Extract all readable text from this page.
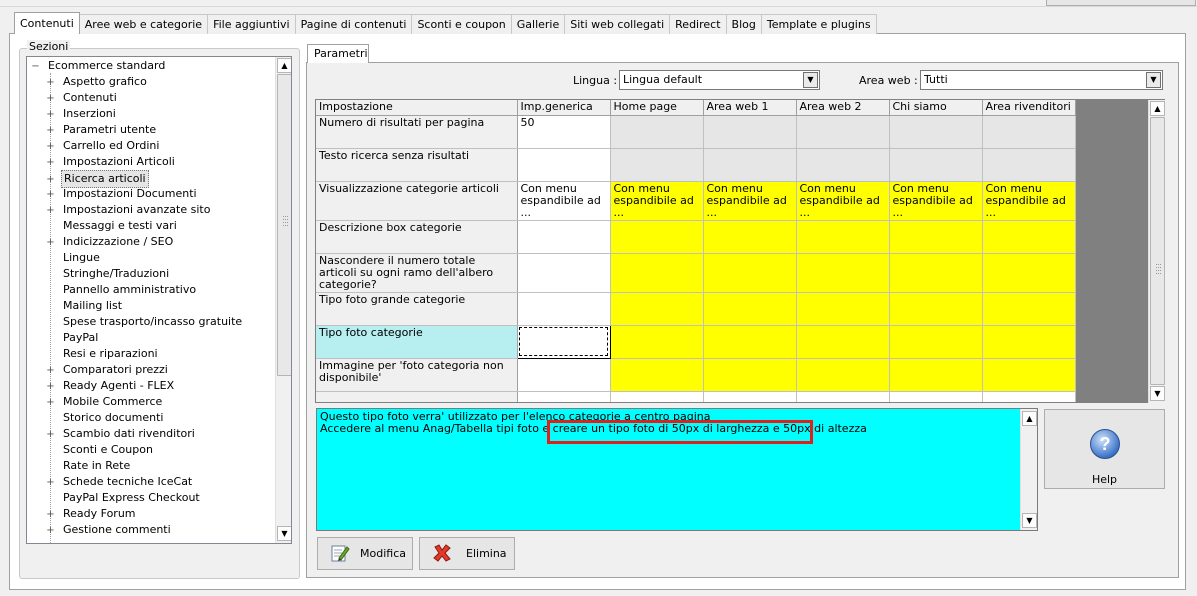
Contenuti	Aree web e categorie	File aggiuntivi	Pagine di contenuti	Sconti e coupon	Gallerie	Siti web collegati	Redirect	Blog	Template e plugins
Sezioni
− Ecommerce standard
+ Aspetto grafico
+ Contenuti
+ Inserzioni
+ Parametri utente
+ Carrello ed Ordini
+ Impostazioni Articoli
+ Ricerca articoli
+ Impostazioni Documenti
+ Impostazioni avanzate sito
Messaggi e testi vari
+ Indicizzazione / SEO
Lingue
Stringhe/Traduzioni
Pannello amministrativo
Mailing list
Spese trasporto/incasso gratuite
PayPal
Resi e riparazioni
+ Comparatori prezzi
+ Ready Agenti - FLEX
+ Mobile Commerce
Storico documenti
+ Scambio dati rivenditori
Sconti e Coupon
Rate in Rete
+ Schede tecniche IceCat
PayPal Express Checkout
+ Ready Forum
+ Gestione commenti
▲
▼
Parametri
Lingua : Lingua default	▼	Area web : Tutti	▼
Impostazione	Imp.generica	Home page	Area web 1	Area web 2	Chi siamo	Area rivenditori
Numero di risultati per pagina	50					
Testo ricerca senza risultati						
Visualizzazione categorie articoli	Con menu espandibile ad ...	Con menu espandibile ad ...	Con menu espandibile ad ...	Con menu espandibile ad ...	Con menu espandibile ad ...	Con menu espandibile ad ...
Descrizione box categorie						
Nascondere il numero totale articoli su ogni ramo dell'albero categorie?						
Tipo foto grande categorie						
Tipo foto categorie						
Immagine per 'foto categoria non disponibile'						

▲
▼

Questo tipo foto verra' utilizzato per l'elenco categorie a centro pagina

Accedere al menu Anag/Tabella tipi foto e creare un tipo foto di 50px di larghezza e 50px di altezza

▲
▼
?
Help
Modifica	Elimina
